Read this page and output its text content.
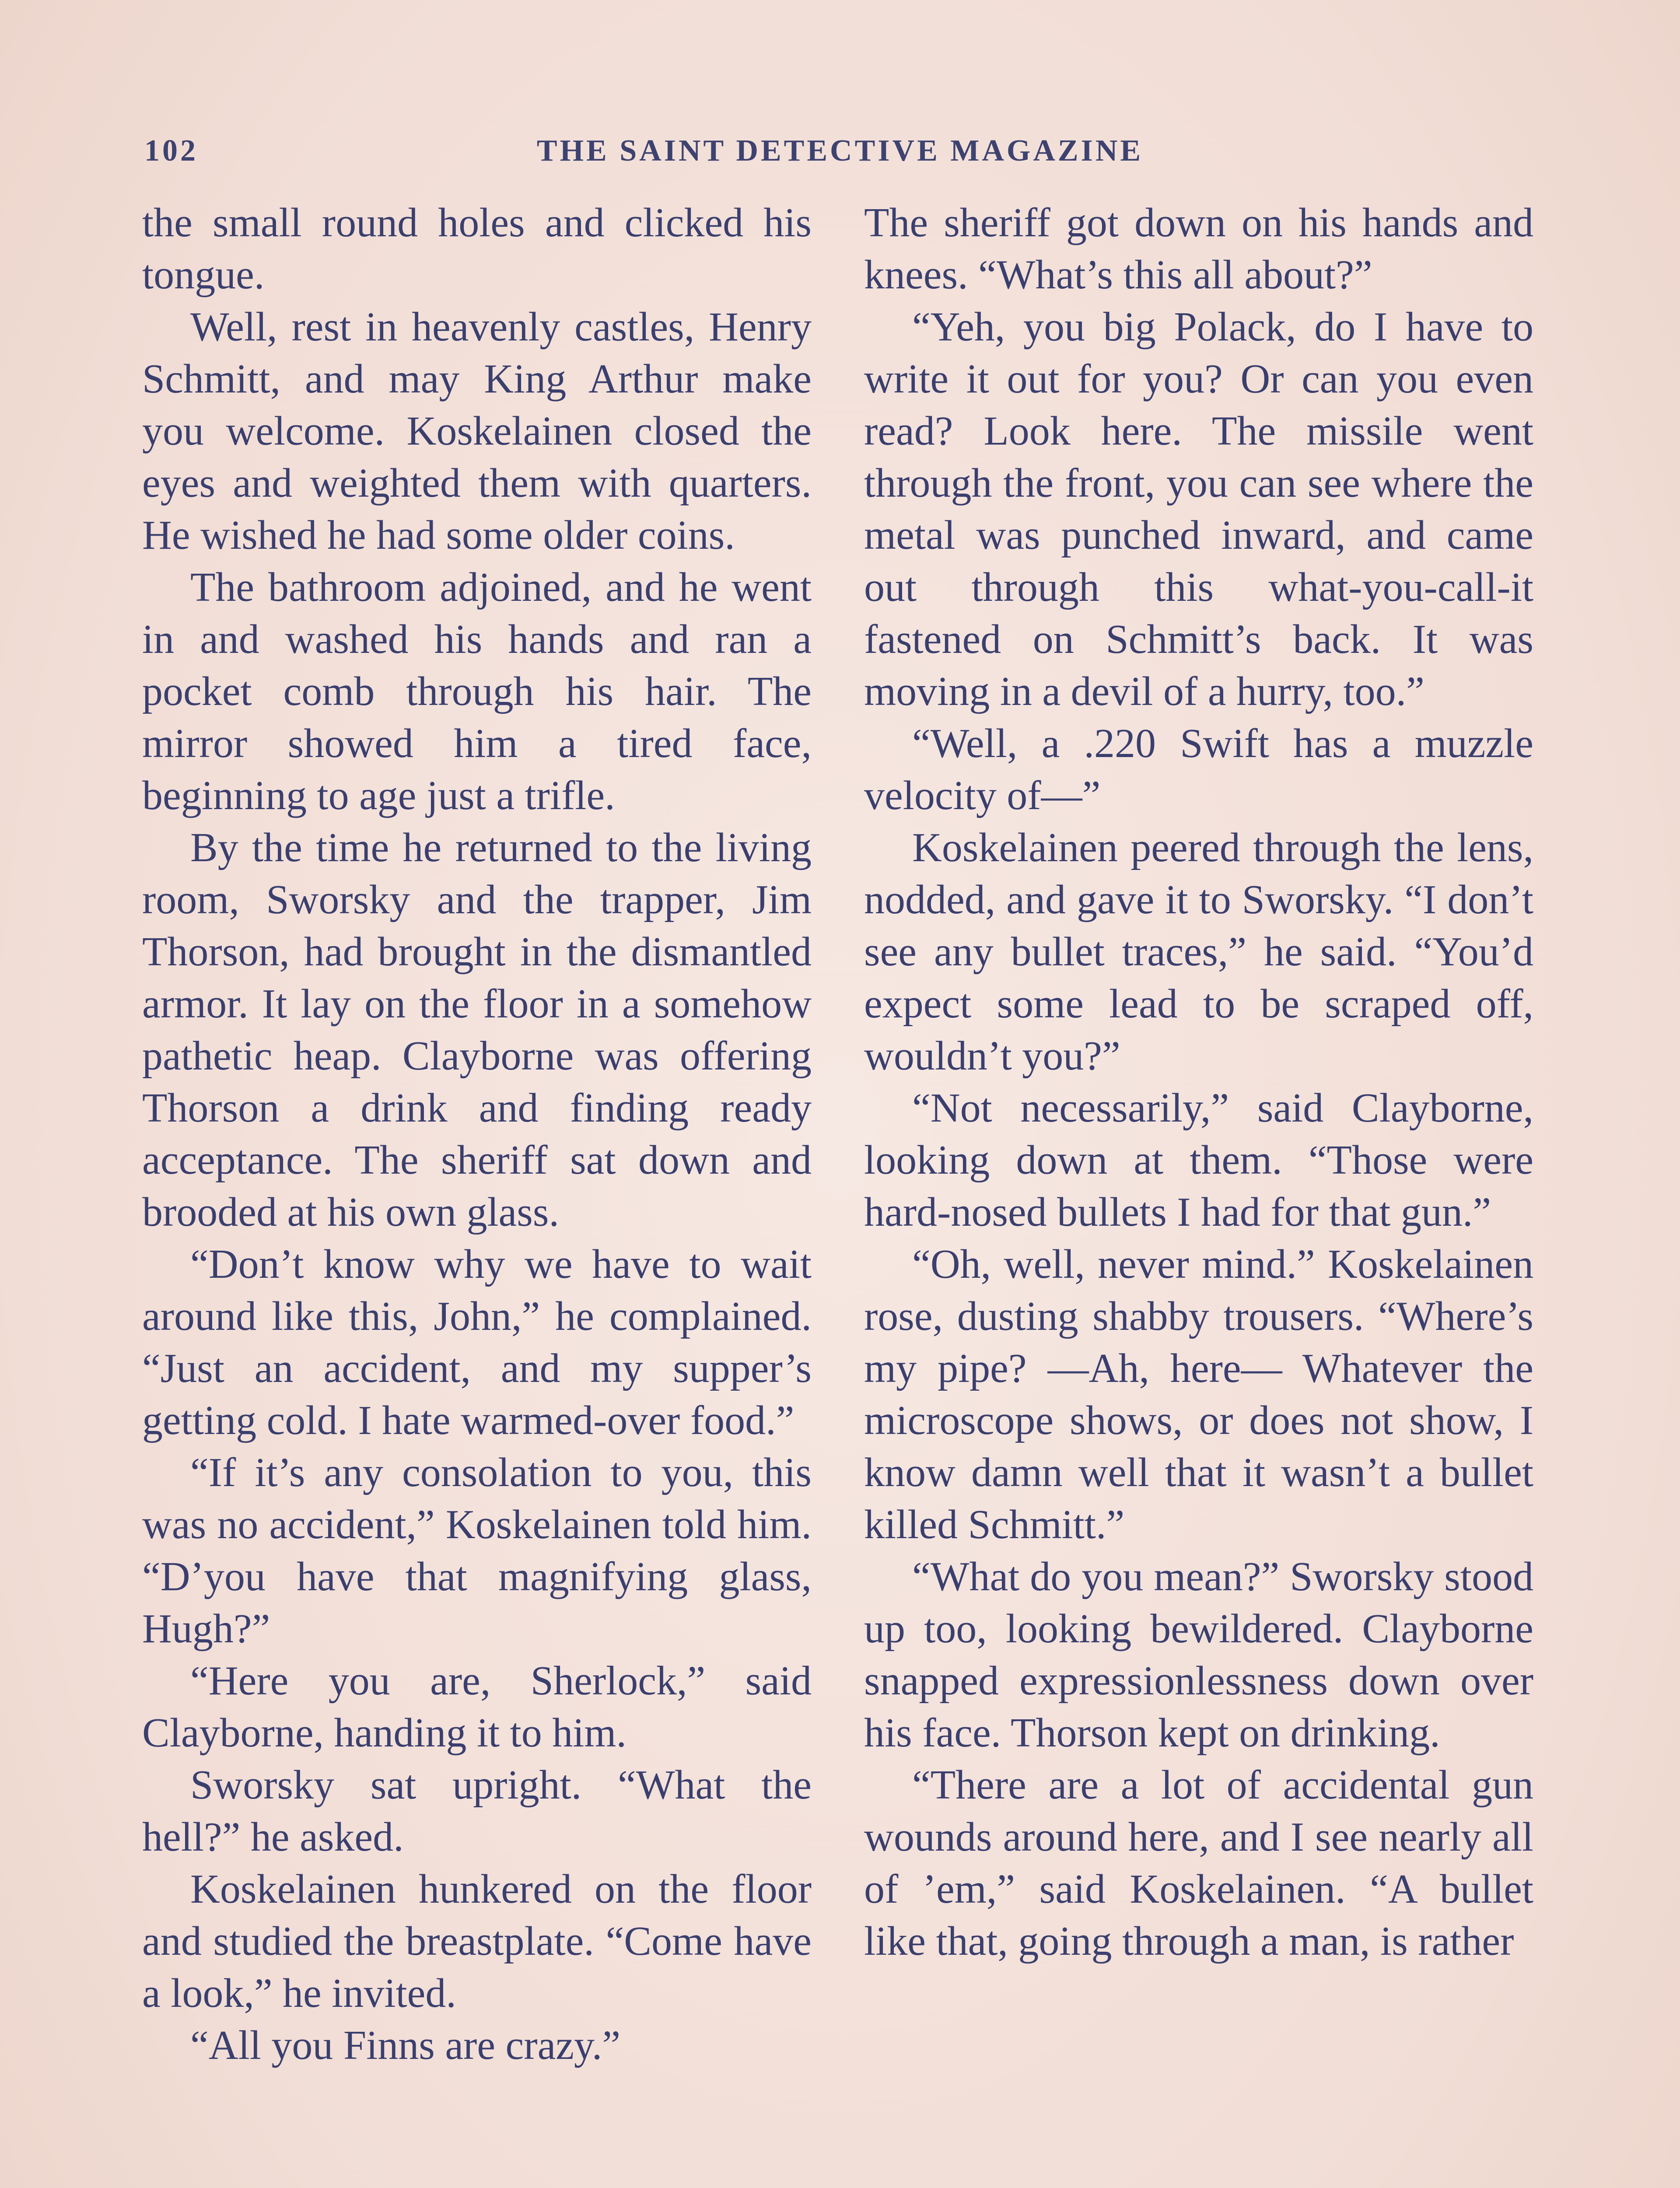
102	THE SAINT DETECTIVE MAGAZINE

the small round holes and clicked his tongue.

Well, rest in heavenly castles, Henry Schmitt, and may King Arthur make you welcome. Koskelainen closed the eyes and weighted them with quarters. He wished he had some older coins.

The bathroom adjoined, and he went in and washed his hands and ran a pocket comb through his hair. The mirror showed him a tired face, beginning to age just a trifle.

By the time he returned to the living room, Sworsky and the trapper, Jim Thorson, had brought in the dismantled armor. It lay on the floor in a somehow pathetic heap. Clayborne was offering Thorson a drink and finding ready acceptance. The sheriff sat down and brooded at his own glass.

“Don’t know why we have to wait around like this, John,” he complained. “Just an accident, and my supper’s getting cold. I hate warmed-over food.”

“If it’s any consolation to you, this was no accident,” Koskelainen told him. “D’you have that magnifying glass, Hugh?”

“Here you are, Sherlock,” said Clayborne, handing it to him.

Sworsky sat upright. “What the hell?” he asked.

Koskelainen hunkered on the floor and studied the breastplate. “Come have a look,” he invited.

“All you Finns are crazy.”

The sheriff got down on his hands and knees. “What’s this all about?”

“Yeh, you big Polack, do I have to write it out for you? Or can you even read? Look here. The missile went through the front, you can see where the metal was punched inward, and came out through this what-you-call-it fastened on Schmitt’s back. It was moving in a devil of a hurry, too.”

“Well, a .220 Swift has a muzzle velocity of—”

Koskelainen peered through the lens, nodded, and gave it to Sworsky. “I don’t see any bullet traces,” he said. “You’d expect some lead to be scraped off, wouldn’t you?”

“Not necessarily,” said Clayborne, looking down at them. “Those were hard-nosed bullets I had for that gun.”

“Oh, well, never mind.” Koskelainen rose, dusting shabby trousers. “Where’s my pipe? —Ah, here— Whatever the microscope shows, or does not show, I know damn well that it wasn’t a bullet killed Schmitt.”

“What do you mean?” Sworsky stood up too, looking bewildered. Clayborne snapped expressionlessness down over his face. Thorson kept on drinking.

“There are a lot of accidental gun wounds around here, and I see nearly all of ’em,” said Koskelainen. “A bullet like that, going through a man, is rather
